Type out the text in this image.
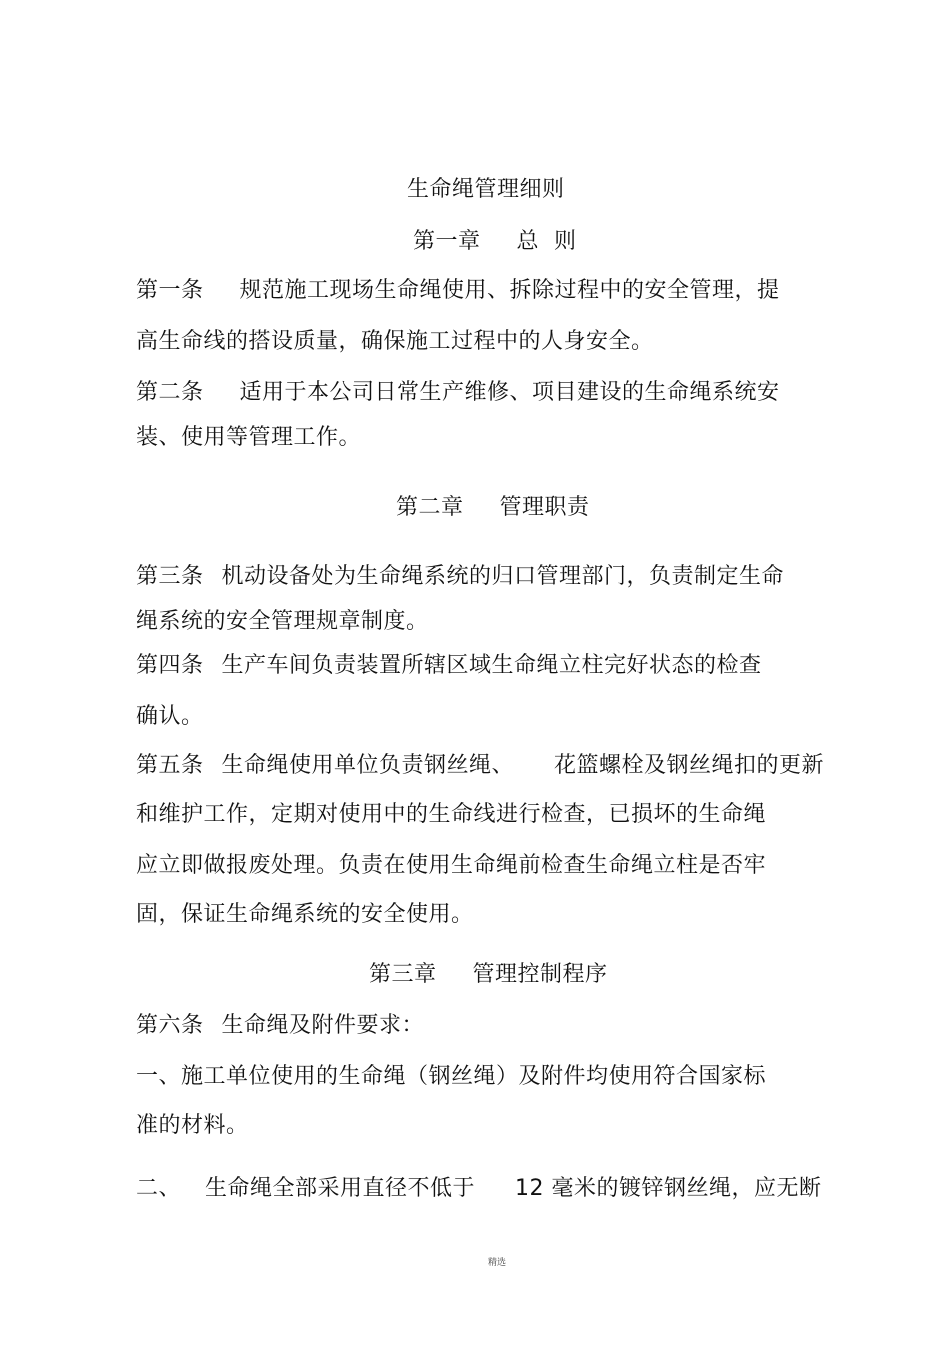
生命绳管理细则
第一章 总  则
第一条 规范施工现场生命绳使用、拆除过程中的安全管理，提
高生命线的搭设质量，确保施工过程中的人身安全。
第二条 适用于本公司日常生产维修、项目建设的生命绳系统安
装、使用等管理工作。
第二章 管理职责
第三条 机动设备处为生命绳系统的归口管理部门，负责制定生命
绳系统的安全管理规章制度。
第四条 生产车间负责装置所辖区域生命绳立柱完好状态的检查
确认。
第五条 生命绳使用单位负责钢丝绳、 花篮螺栓及钢丝绳扣的更新
和维护工作，定期对使用中的生命线进行检查，已损坏的生命绳
应立即做报废处理。负责在使用生命绳前检查生命绳立柱是否牢
固，保证生命绳系统的安全使用。
第三章 管理控制程序
第六条 生命绳及附件要求：
一、施工单位使用的生命绳（钢丝绳）及附件均使用符合国家标
准的材料。
二、 生命绳全部采用直径不低于 12 毫米的镀锌钢丝绳，应无断
精选
